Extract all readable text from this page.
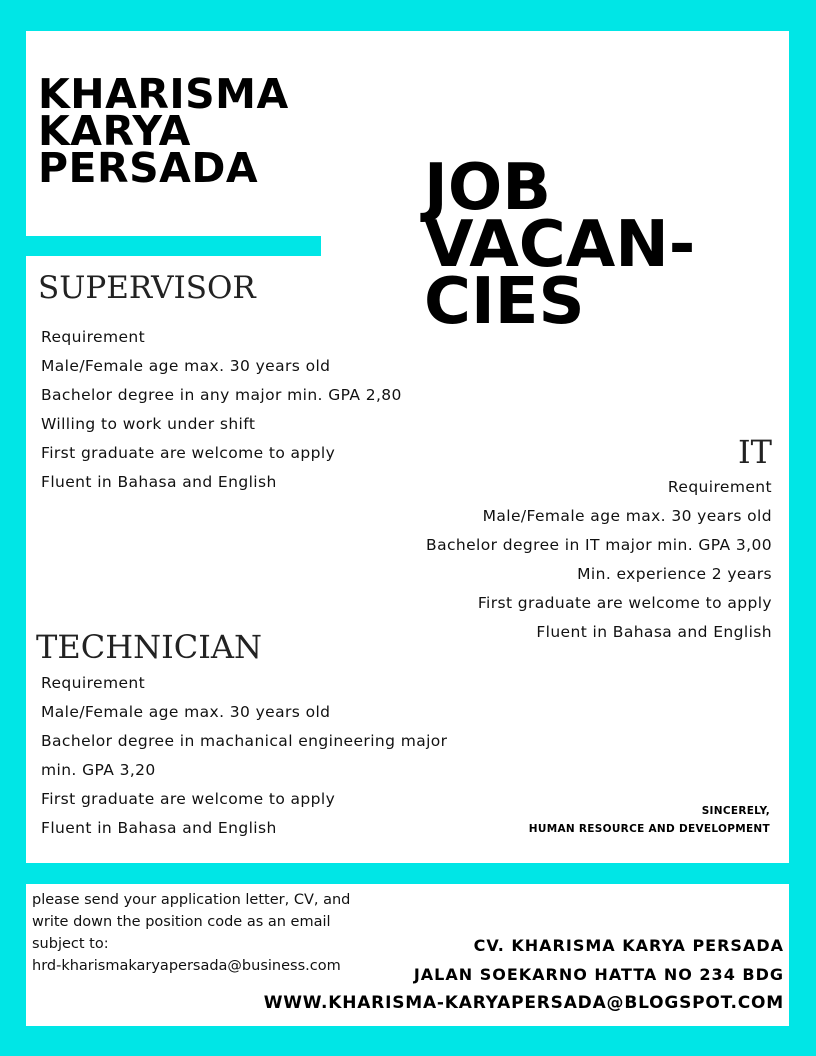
KHARISMA
KARYA
PERSADA	JOB
VACAN-
CIES
SUPERVISOR
Requirement
Male/Female age max. 30 years old
Bachelor degree in any major min. GPA 2,80
Willing to work under shift
First graduate are welcome to apply
Fluent in Bahasa and English
IT
Requirement
Male/Female age max. 30 years old
Bachelor degree in IT major min. GPA 3,00
Min. experience 2 years
First graduate are welcome to apply
Fluent in Bahasa and English
TECHNICIAN
Requirement
Male/Female age max. 30 years old
Bachelor degree in machanical engineering major
min. GPA 3,20
First graduate are welcome to apply
Fluent in Bahasa and English

SINCERELY,
HUMAN RESOURCE AND DEVELOPMENT

please send your application letter, CV, and
write down the position code as an email
subject to:
hrd-kharismakaryapersada@business.com

CV. KHARISMA KARYA PERSADA
JALAN SOEKARNO HATTA NO 234 BDG
WWW.KHARISMA-KARYAPERSADA@BLOGSPOT.COM
